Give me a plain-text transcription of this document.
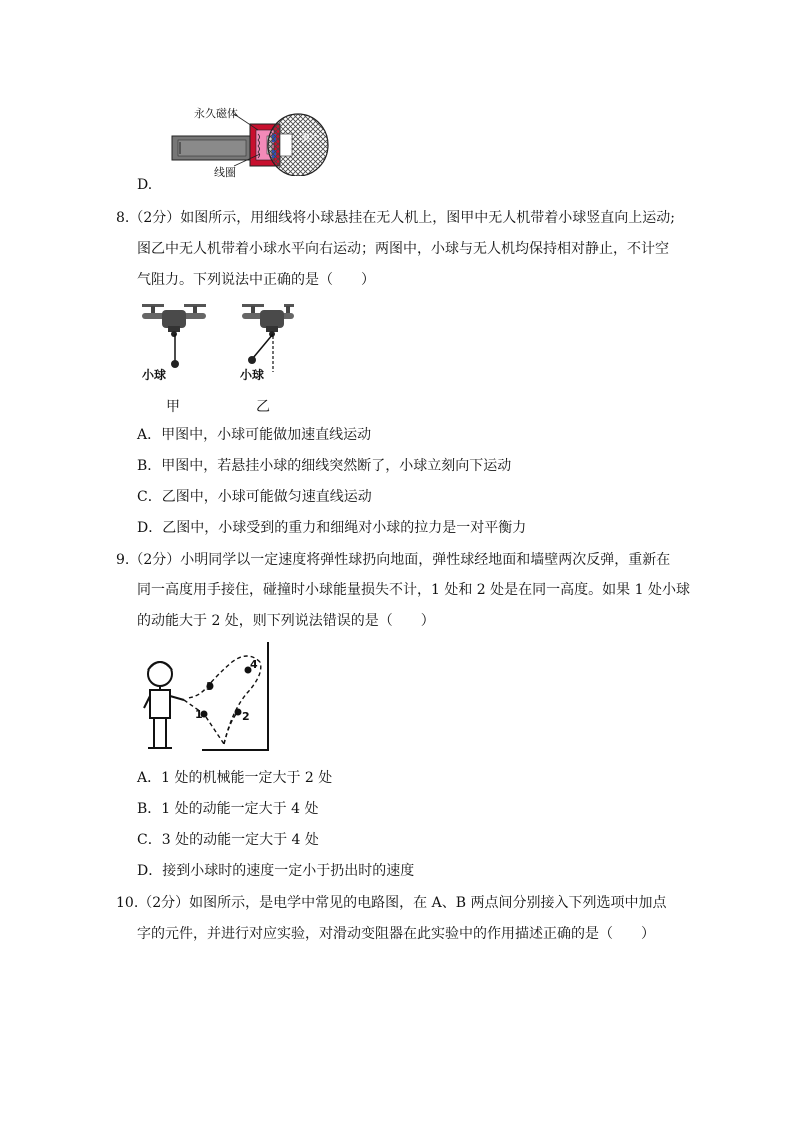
膜片
永久磁体
线圈
D.
8.（2分）如图所示，用细线将小球悬挂在无人机上，图甲中无人机带着小球竖直向上运动;
图乙中无人机带着小球水平向右运动；两图中，小球与无人机均保持相对静止，不计空
气阻力。下列说法中正确的是（　　）
小球	小球
甲	乙
A．甲图中，小球可能做加速直线运动
B．甲图中，若悬挂小球的细线突然断了，小球立刻向下运动
C．乙图中，小球可能做匀速直线运动
D．乙图中，小球受到的重力和细绳对小球的拉力是一对平衡力
9.（2分）小明同学以一定速度将弹性球扔向地面，弹性球经地面和墙壁两次反弹，重新在
同一高度用手接住，碰撞时小球能量损失不计，1 处和 2 处是在同一高度。如果 1 处小球
的动能大于 2 处，则下列说法错误的是（　　）
1	2
3
4
A．1 处的机械能一定大于 2 处
B．1 处的动能一定大于 4 处
C．3 处的动能一定大于 4 处
D．接到小球时的速度一定小于扔出时的速度
10.（2分）如图所示，是电学中常见的电路图，在 A、B 两点间分别接入下列选项中加点
字的元件，并进行对应实验，对滑动变阻器在此实验中的作用描述正确的是（　　）
